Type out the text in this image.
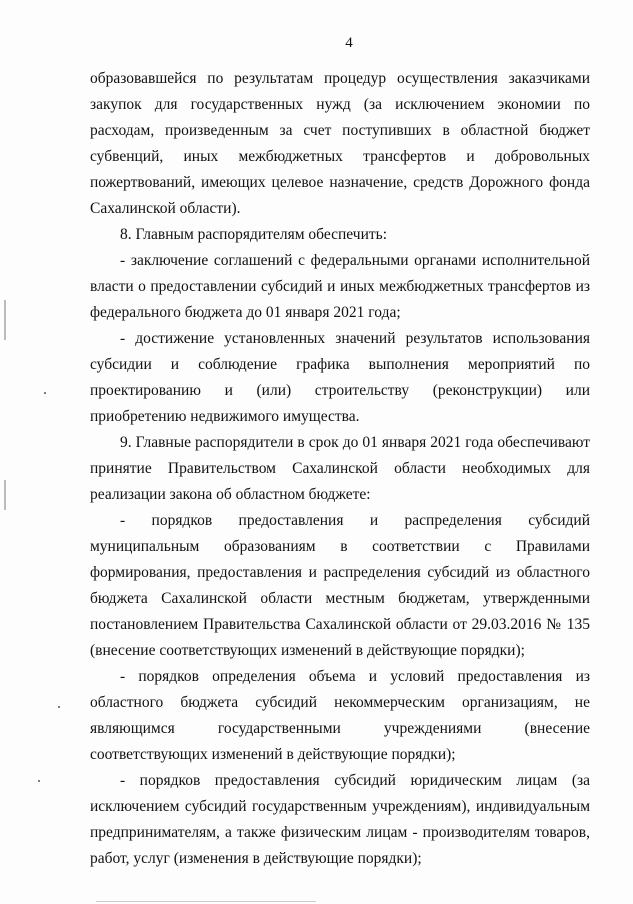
4

образовавшейся по результатам процедур осуществления заказчиками закупок для государственных нужд (за исключением экономии по расходам, произведенным за счет поступивших в областной бюджет субвенций, иных межбюджетных трансфертов и добровольных пожертвований, имеющих целевое назначение, средств Дорожного фонда Сахалинской области).

8. Главным распорядителям обеспечить:

- заключение соглашений с федеральными органами исполнительной власти о предоставлении субсидий и иных межбюджетных трансфертов из федерального бюджета до 01 января 2021 года;

- достижение установленных значений результатов использования субсидии и соблюдение графика выполнения мероприятий по проектированию и (или) строительству (реконструкции) или приобретению недвижимого имущества.

9. Главные распорядители в срок до 01 января 2021 года обеспечивают принятие Правительством Сахалинской области необходимых для реализации закона об областном бюджете:

- порядков предоставления и распределения субсидий муниципальным образованиям в соответствии с Правилами формирования, предоставления и распределения субсидий из областного бюджета Сахалинской области местным бюджетам, утвержденными постановлением Правительства Сахалинской области от 29.03.2016 № 135 (внесение соответствующих изменений в действующие порядки);

- порядков определения объема и условий предоставления из областного бюджета субсидий некоммерческим организациям, не являющимся государственными учреждениями (внесение соответствующих изменений в действующие порядки);

- порядков предоставления субсидий юридическим лицам (за исключением субсидий государственным учреждениям), индивидуальным предпринимателям, а также физическим лицам - производителям товаров, работ, услуг (изменения в действующие порядки);
